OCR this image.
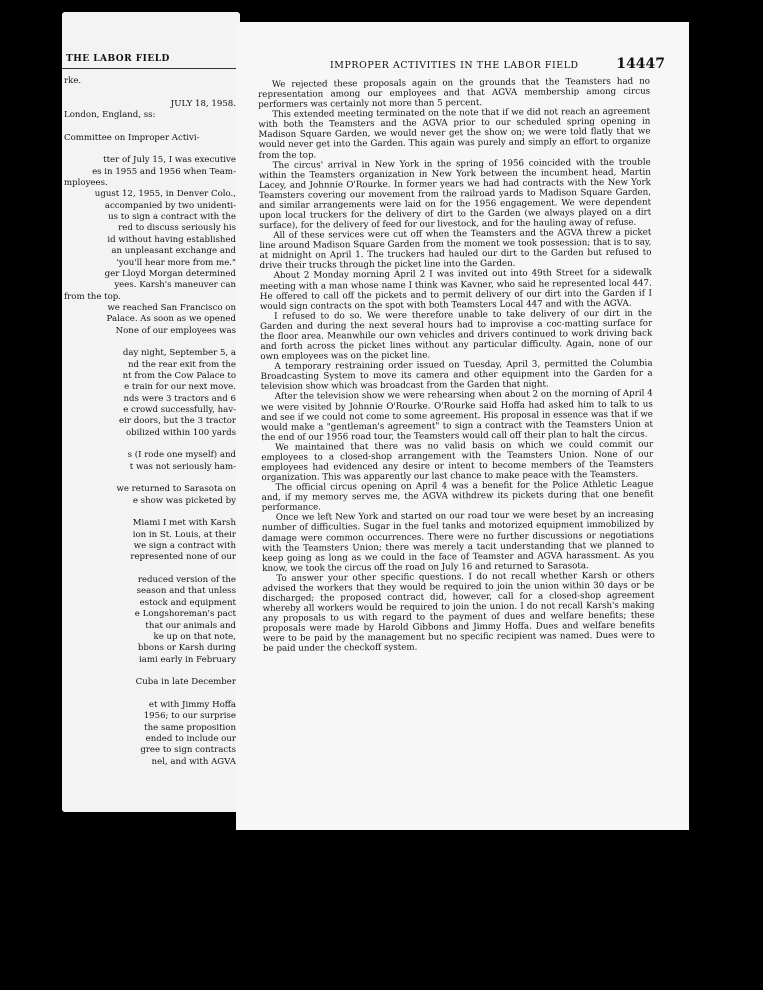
THE LABOR FIELD
rke.
JULY 18, 1958.
London, England, ss:
Committee on Improper Activi-
tter of July 15, I was executive
es in 1955 and 1956 when Team-
mployees.
ugust 12, 1955, in Denver Colo.,
accompanied by two unidenti-
us to sign a contract with the
red to discuss seriously his
id without having established
an unpleasant exchange and
'you'll hear more from me."
ger Lloyd Morgan determined
yees. Karsh's maneuver can
from the top.
we reached San Francisco on
Palace. As soon as we opened
None of our employees was
day night, September 5, a
nd the rear exit from the
nt from the Cow Palace to
e train for our next move.
nds were 3 tractors and 6
e crowd successfully, hav-
eir doors, but the 3 tractor
obilized within 100 yards
s (I rode one myself) and
t was not seriously ham-
we returned to Sarasota on
e show was picketed by
Miami I met with Karsh
ion in St. Louis, at their
we sign a contract with
represented none of our
reduced version of the
season and that unless
estock and equipment
e Longshoreman's pact
that our animals and
ke up on that note,
bbons or Karsh during
iami early in February
Cuba in late December
et with Jimmy Hoffa
1956; to our surprise
the same proposition
ended to include our
gree to sign contracts
nel, and with AGVA
IMPROPER ACTIVITIES IN THE LABOR FIELD	14447

We rejected these proposals again on the grounds that the Teamsters had no representation among our employees and that AGVA membership among circus performers was certainly not more than 5 percent.

This extended meeting terminated on the note that if we did not reach an agreement with both the Teamsters and the AGVA prior to our scheduled spring opening in Madison Square Garden, we would never get the show on; we were told flatly that we would never get into the Garden. This again was purely and simply an effort to organize from the top.

The circus' arrival in New York in the spring of 1956 coincided with the trouble within the Teamsters organization in New York between the incumbent head, Martin Lacey, and Johnnie O'Rourke. In former years we had had contracts with the New York Teamsters covering our movement from the railroad yards to Madison Square Garden, and similar arrangements were laid on for the 1956 engagement. We were dependent upon local truckers for the delivery of dirt to the Garden (we always played on a dirt surface), for the delivery of feed for our livestock, and for the hauling away of refuse.

All of these services were cut off when the Teamsters and the AGVA threw a picket line around Madison Square Garden from the moment we took possession; that is to say, at midnight on April 1. The truckers had hauled our dirt to the Garden but refused to drive their trucks through the picket line into the Garden.

About 2 Monday morning April 2 I was invited out into 49th Street for a sidewalk meeting with a man whose name I think was Kavner, who said he represented local 447. He offered to call off the pickets and to permit delivery of our dirt into the Garden if I would sign contracts on the spot with both Teamsters Local 447 and with the AGVA.

I refused to do so. We were therefore unable to take delivery of our dirt in the Garden and during the next several hours had to improvise a coc-matting surface for the floor area. Meanwhile our own vehicles and drivers continued to work driving back and forth across the picket lines without any particular difficulty. Again, none of our own employees was on the picket line.

A temporary restraining order issued on Tuesday, April 3, permitted the Columbia Broadcasting System to move its camera and other equipment into the Garden for a television show which was broadcast from the Garden that night.

After the television show we were rehearsing when about 2 on the morning of April 4 we were visited by Johnnie O'Rourke. O'Rourke said Hoffa had asked him to talk to us and see if we could not come to some agreement. His proposal in essence was that if we would make a "gentleman's agreement" to sign a contract with the Teamsters Union at the end of our 1956 road tour, the Teamsters would call off their plan to halt the circus.

We maintained that there was no valid basis on which we could commit our employees to a closed-shop arrangement with the Teamsters Union. None of our employees had evidenced any desire or intent to become members of the Teamsters organization. This was apparently our last chance to make peace with the Teamsters.

The official circus opening on April 4 was a benefit for the Police Athletic League and, if my memory serves me, the AGVA withdrew its pickets during that one benefit performance.

Once we left New York and started on our road tour we were beset by an increasing number of difficulties. Sugar in the fuel tanks and motorized equipment immobilized by damage were common occurrences. There were no further discussions or negotiations with the Teamsters Union; there was merely a tacit understanding that we planned to keep going as long as we could in the face of Teamster and AGVA harassment. As you know, we took the circus off the road on July 16 and returned to Sarasota.

To answer your other specific questions. I do not recall whether Karsh or others advised the workers that they would be required to join the union within 30 days or be discharged; the proposed contract did, however, call for a closed-shop agreement whereby all workers would be required to join the union. I do not recall Karsh's making any proposals to us with regard to the payment of dues and welfare benefits; these proposals were made by Harold Gibbons and Jimmy Hoffa. Dues and welfare benefits were to be paid by the management but no specific recipient was named. Dues were to be paid under the checkoff system.
